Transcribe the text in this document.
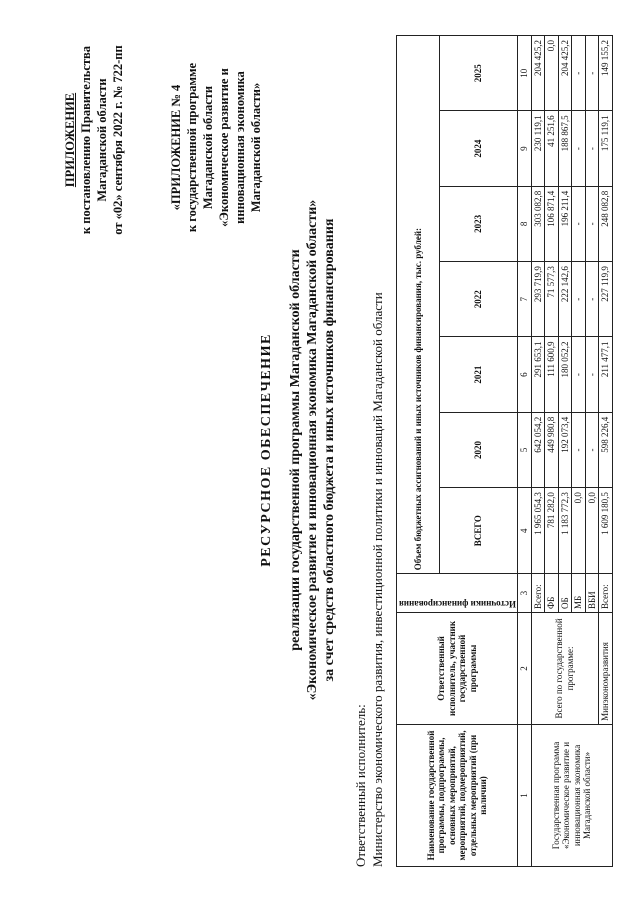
ПРИЛОЖЕНИЕ к постановлению Правительства Магаданской области от «02» сентября 2022 г. № 722-пп	«ПРИЛОЖЕНИЕ № 4 к государственной программе Магаданской области «Экономическое развитие и инновационная экономика Магаданской области»
РЕСУРСНОЕ ОБЕСПЕЧЕНИЕ реализации государственной программы Магаданской области «Экономическое развитие и инновационная экономика Магаданской области» за счет средств областного бюджета и иных источников финансирования
Ответственный исполнитель: Министерство экономического развития, инвестиционной политики и инноваций Магаданской области	Наименование государственной программы, подпрограммы, основных мероприятий, мероприятий, подмероприятий, отдельных мероприятий (при наличии)	Ответственный исполнитель, участник государственной программы	Источники финансирования	Объем бюджетных ассигнований и иных источников финансирования, тыс. рублей:						
			ВСЕГО	2020	2021	2022	2023	2024	2025
1	2	3	4	5	6	7	8	9	10
Государственная программа «Экономическое развитие и инновационная экономика Магаданской области»	Всего по государственной программе:	Всего:	1 965 054,3	642 054,2	291 653,1	293 719,9	303 082,8	230 119,1	204 425,2
		ФБ	781 282,0	449 980,8	111 600,9	71 577,3	106 871,4	41 251,6	0,0
		ОБ	1 183 772,3	192 073,4	180 052,2	222 142,6	196 211,4	188 867,5	204 425,2
		МБ	0,0	-	-	-	-	-	-
		ВБИ	0,0	-	-	-	-	-	-
	Минэкономразвития	Всего:	1 609 180,5	598 226,4	211 477,1	227 119,9	248 082,8	175 119,1	149 155,2
